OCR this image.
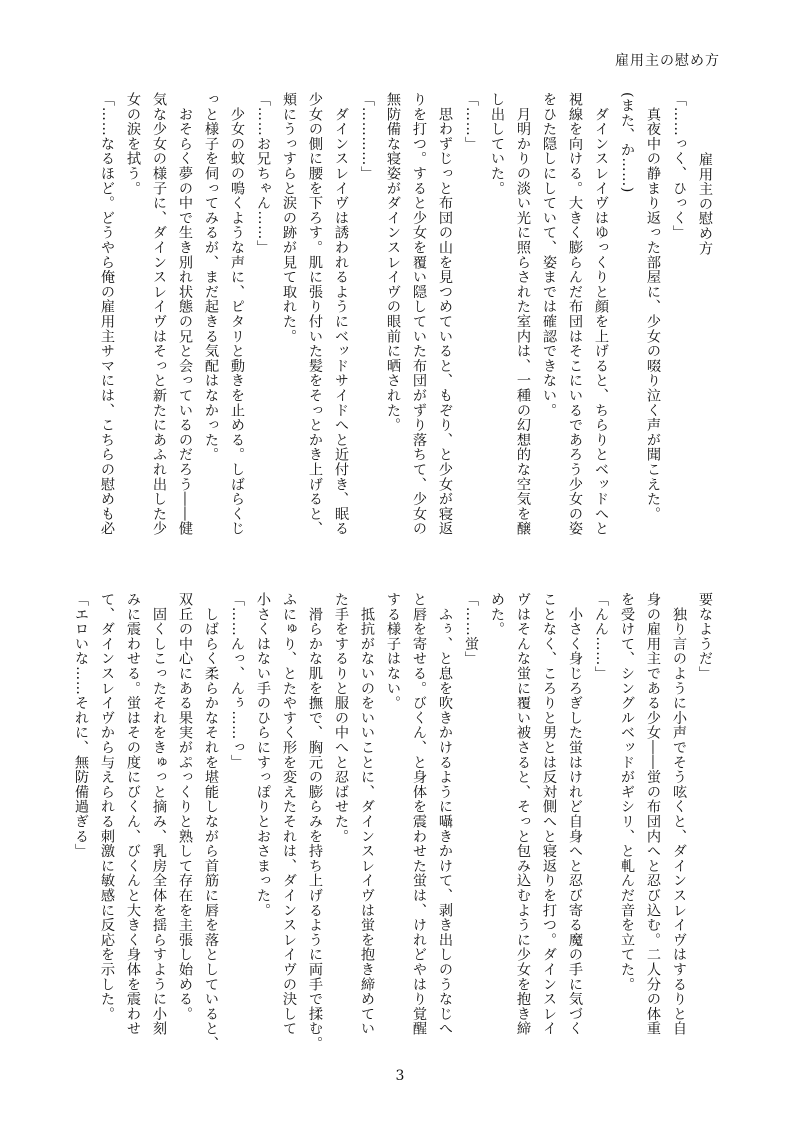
雇用主の慰め方
雇用主の慰め方
「……っく、ひっく」
　真夜中の静まり返った部屋に、少女の啜り泣く声が聞こえた。
(また、か……)
　ダインスレイヴはゆっくりと顔を上げると、ちらりとベッドへと
視線を向ける。大きく膨らんだ布団はそこにいるであろう少女の姿
をひた隠しにしていて、姿までは確認できない。
　月明かりの淡い光に照らされた室内は、一種の幻想的な空気を醸
し出していた。
「……」
　思わずじっと布団の山を見つめていると、もぞり、と少女が寝返
りを打つ。すると少女を覆い隠していた布団がずり落ちて、少女の
無防備な寝姿がダインスレイヴの眼前に晒された。
「…………」
　ダインスレイヴは誘われるようにベッドサイドへと近付き、眠る
少女の側に腰を下ろす。肌に張り付いた髪をそっとかき上げると、
頬にうっすらと涙の跡が見て取れた。
「……お兄ちゃん……」
　少女の蚊の鳴くような声に、ピタリと動きを止める。しばらくじ
っと様子を伺ってみるが、まだ起きる気配はなかった。
　おそらく夢の中で生き別れ状態の兄と会っているのだろう――健
気な少女の様子に、ダインスレイヴはそっと新たにあふれ出した少
女の涙を拭う。
「……なるほど。どうやら俺の雇用主サマには、こちらの慰めも必
要なようだ」
　独り言のように小声でそう呟くと、ダインスレイヴはするりと自
身の雇用主である少女――蛍の布団内へと忍び込む。二人分の体重
を受けて、シングルベッドがギシリ、と軋んだ音を立てた。
「んん……」
　小さく身じろぎした蛍はけれど自身へと忍び寄る魔の手に気づく
ことなく、ころりと男とは反対側へと寝返りを打つ。ダインスレイ
ヴはそんな蛍に覆い被さると、そっと包み込むように少女を抱き締
めた。
「……蛍」
　ふぅ、と息を吹きかけるように囁きかけて、剥き出しのうなじへ
と唇を寄せる。びくん、と身体を震わせた蛍は、けれどやはり覚醒
する様子はない。
　抵抗がないのをいいことに、ダインスレイヴは蛍を抱き締めてい
た手をするりと服の中へと忍ばせた。
　滑らかな肌を撫で、胸元の膨らみを持ち上げるように両手で揉む。
ふにゅり、とたやすく形を変えたそれは、ダインスレイヴの決して
小さくはない手のひらにすっぽりとおさまった。
「……んっ、んぅ……っ」
　しばらく柔らかなそれを堪能しながら首筋に唇を落としていると、
双丘の中心にある果実がぷっくりと熟して存在を主張し始める。
　固くしこったそれをきゅっと摘み、乳房全体を揺らすように小刻
みに震わせる。蛍はその度にびくん、びくんと大きく身体を震わせ
て、ダインスレイヴから与えられる刺激に敏感に反応を示した。
「エロいな……それに、無防備過ぎる」
3
